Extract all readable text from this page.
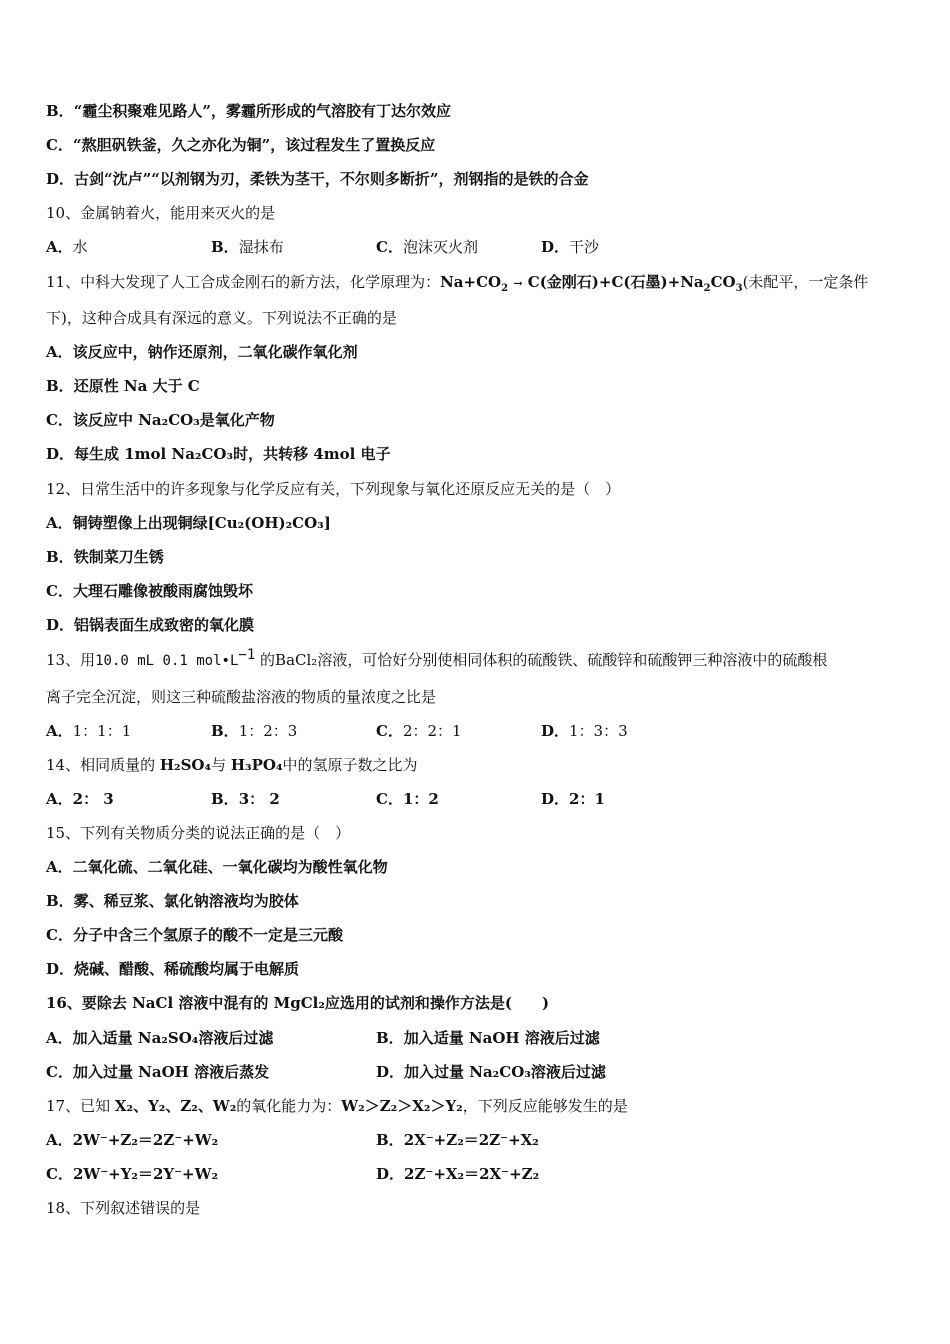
B．“霾尘积聚难见路人”，雾霾所形成的气溶胶有丁达尔效应
C．“熬胆矾铁釜，久之亦化为铜”，该过程发生了置换反应
D．古剑“沈卢”“以剂钢为刃，柔铁为茎干，不尔则多断折”，剂钢指的是铁的合金
10、金属钠着火，能用来灭火的是
A．水	B．湿抹布	C．泡沫灭火剂	D．干沙
11、中科大发现了人工合成金刚石的新方法，化学原理为：$Na+CO_2 \to C$(金刚石)+C(石墨)$+Na_2CO_3$(未配平，一定条件
下)，这种合成具有深远的意义。下列说法不正确的是
A．该反应中，钠作还原剂，二氧化碳作氧化剂
B．还原性 Na 大于 C
C．该反应中 Na₂CO₃是氧化产物
D．每生成 1mol Na₂CO₃时，共转移 4mol 电子
12、日常生活中的许多现象与化学反应有关，下列现象与氧化还原反应无关的是（　）
A．铜铸塑像上出现铜绿[Cu₂(OH)₂CO₃]
B．铁制菜刀生锈
C．大理石雕像被酸雨腐蚀毁坏
D．铝锅表面生成致密的氧化膜
13、用10.0 mL 0.1 $mol•L^{-1}$ 的BaCl₂溶液，可恰好分别使相同体积的硫酸铁、硫酸锌和硫酸钾三种溶液中的硫酸根
离子完全沉淀，则这三种硫酸盐溶液的物质的量浓度之比是
A．1：1：1	B．1：2：3	C．2：2：1	D．1：3：3
14、相同质量的 H₂SO₄与 H₃PO₄中的氢原子数之比为
A．2： 3	B．3： 2	C．1：2	D．2：1
15、下列有关物质分类的说法正确的是（　）
A．二氧化硫、二氧化硅、一氧化碳均为酸性氧化物
B．雾、稀豆浆、氯化钠溶液均为胶体
C．分子中含三个氢原子的酸不一定是三元酸
D．烧碱、醋酸、稀硫酸均属于电解质
16、要除去 NaCl 溶液中混有的 MgCl₂应选用的试剂和操作方法是(　　)
A．加入适量 Na₂SO₄溶液后过滤	B．加入适量 NaOH 溶液后过滤
C．加入过量 NaOH 溶液后蒸发	D．加入过量 Na₂CO₃溶液后过滤
17、已知 X₂、Y₂、Z₂、W₂的氧化能力为：W₂＞Z₂＞X₂＞Y₂，下列反应能够发生的是
A．2W⁻+Z₂＝2Z⁻+W₂	B．2X⁻+Z₂＝2Z⁻+X₂
C．2W⁻+Y₂＝2Y⁻+W₂	D．2Z⁻+X₂＝2X⁻+Z₂
18、下列叙述错误的是
